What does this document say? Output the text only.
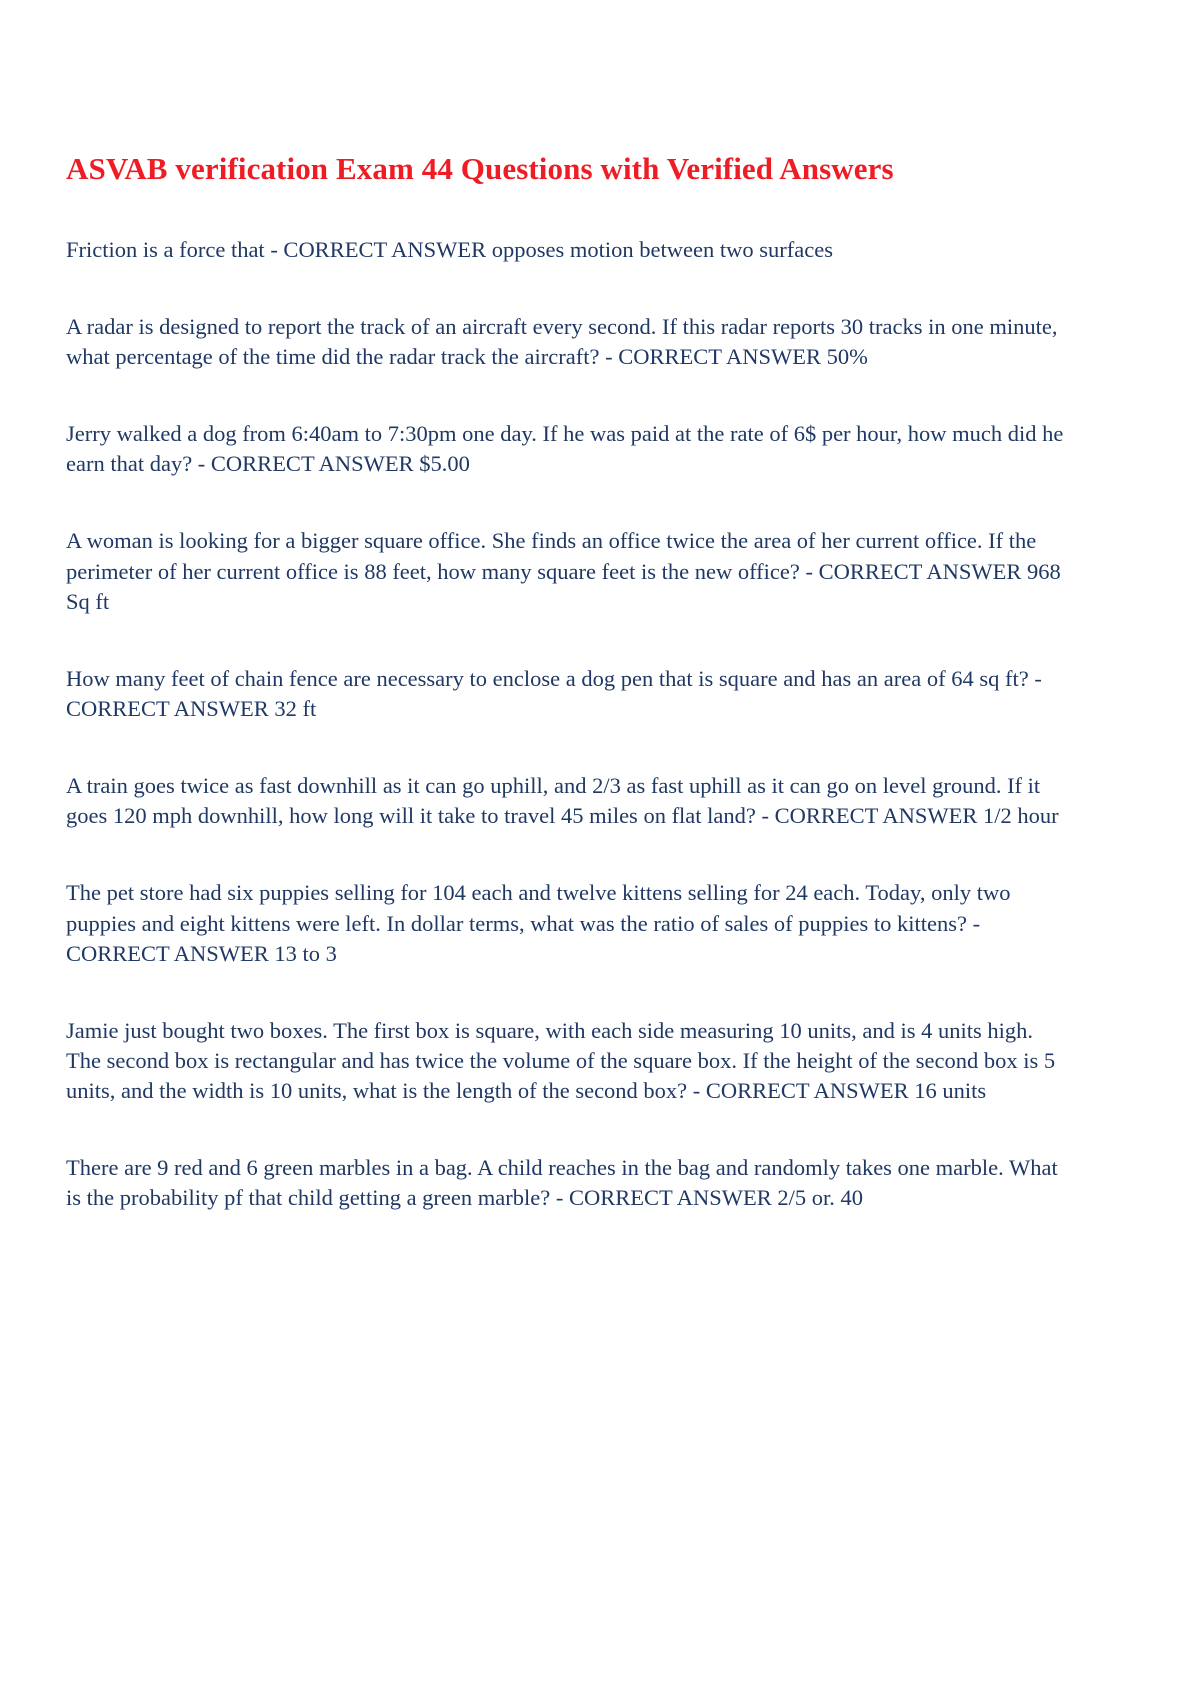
ASVAB verification Exam 44 Questions with Verified Answers

Friction is a force that - CORRECT ANSWER opposes motion between two surfaces

A radar is designed to report the track of an aircraft every second. If this radar reports 30 tracks in one minute, what percentage of the time did the radar track the aircraft? - CORRECT ANSWER 50%

Jerry walked a dog from 6:40am to 7:30pm one day. If he was paid at the rate of 6$ per hour, how much did he earn that day? - CORRECT ANSWER $5.00

A woman is looking for a bigger square office. She finds an office twice the area of her current office. If the perimeter of her current office is 88 feet, how many square feet is the new office? - CORRECT ANSWER 968 Sq ft

How many feet of chain fence are necessary to enclose a dog pen that is square and has an area of 64 sq ft? - CORRECT ANSWER 32 ft

A train goes twice as fast downhill as it can go uphill, and 2/3 as fast uphill as it can go on level ground. If it goes 120 mph downhill, how long will it take to travel 45 miles on flat land? - CORRECT ANSWER 1/2 hour

The pet store had six puppies selling for 104 each and twelve kittens selling for 24 each. Today, only two puppies and eight kittens were left. In dollar terms, what was the ratio of sales of puppies to kittens? - CORRECT ANSWER 13 to 3

Jamie just bought two boxes. The first box is square, with each side measuring 10 units, and is 4 units high. The second box is rectangular and has twice the volume of the square box. If the height of the second box is 5 units, and the width is 10 units, what is the length of the second box? - CORRECT ANSWER 16 units

There are 9 red and 6 green marbles in a bag. A child reaches in the bag and randomly takes one marble. What is the probability pf that child getting a green marble? - CORRECT ANSWER 2/5 or. 40
